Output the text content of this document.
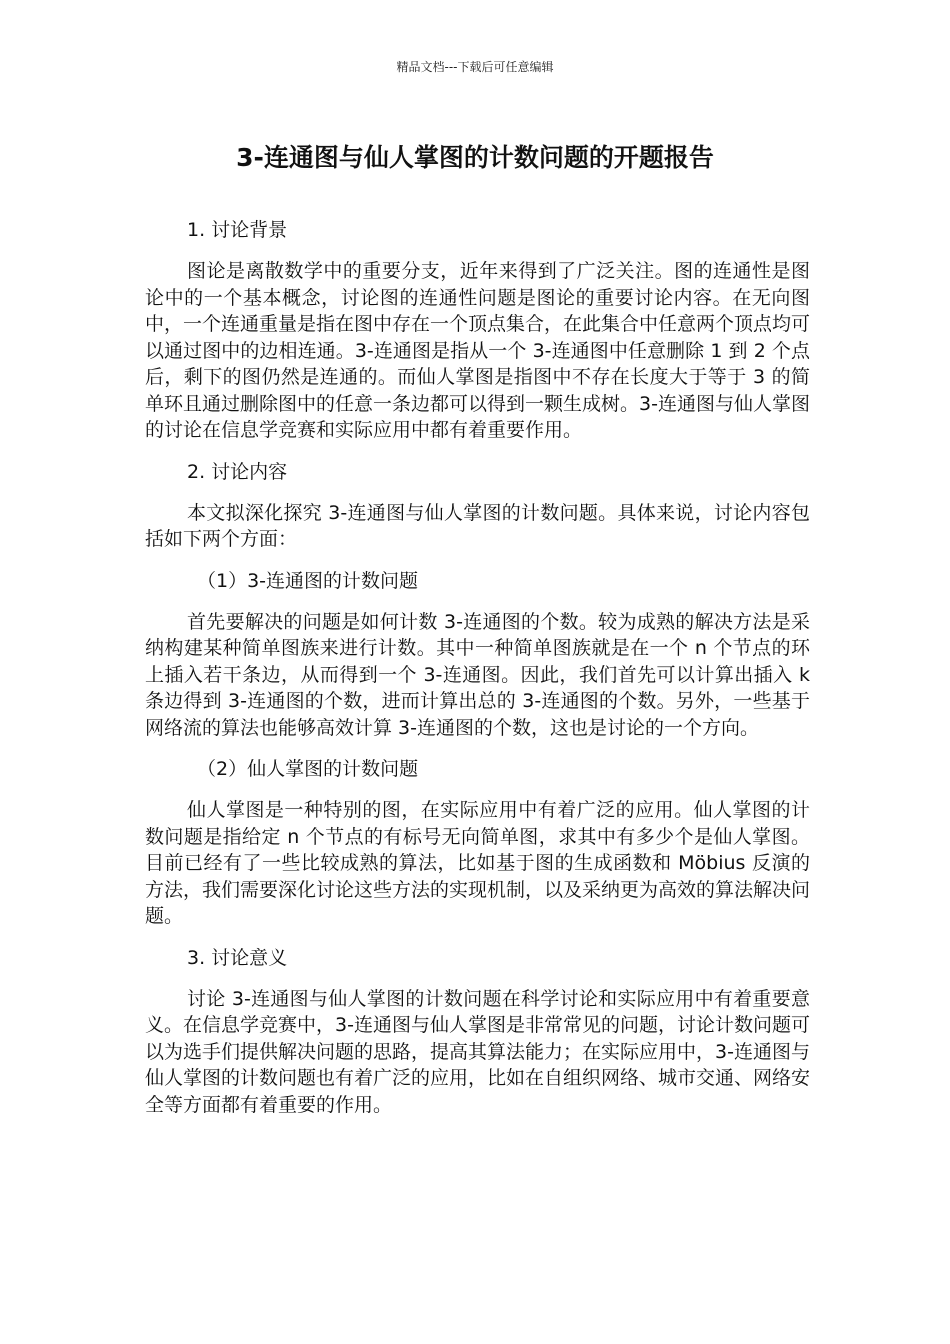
精品文档---下载后可任意编辑
3-连通图与仙人掌图的计数问题的开题报告

1. 讨论背景

图论是离散数学中的重要分支，近年来得到了广泛关注。图的连通性是图论中的一个基本概念，讨论图的连通性问题是图论的重要讨论内容。在无向图中，一个连通重量是指在图中存在一个顶点集合，在此集合中任意两个顶点均可以通过图中的边相连通。3-连通图是指从一个 3-连通图中任意删除 1 到 2 个点后，剩下的图仍然是连通的。而仙人掌图是指图中不存在长度大于等于 3 的简单环且通过删除图中的任意一条边都可以得到一颗生成树。3-连通图与仙人掌图的讨论在信息学竞赛和实际应用中都有着重要作用。

2. 讨论内容

本文拟深化探究 3-连通图与仙人掌图的计数问题。具体来说，讨论内容包括如下两个方面：

（1）3-连通图的计数问题

首先要解决的问题是如何计数 3-连通图的个数。较为成熟的解决方法是采纳构建某种简单图族来进行计数。其中一种简单图族就是在一个 n 个节点的环上插入若干条边，从而得到一个 3-连通图。因此，我们首先可以计算出插入 k 条边得到 3-连通图的个数，进而计算出总的 3-连通图的个数。另外，一些基于网络流的算法也能够高效计算 3-连通图的个数，这也是讨论的一个方向。

（2）仙人掌图的计数问题

仙人掌图是一种特别的图，在实际应用中有着广泛的应用。仙人掌图的计数问题是指给定 n 个节点的有标号无向简单图，求其中有多少个是仙人掌图。目前已经有了一些比较成熟的算法，比如基于图的生成函数和 Möbius 反演的方法，我们需要深化讨论这些方法的实现机制，以及采纳更为高效的算法解决问题。

3. 讨论意义

讨论 3-连通图与仙人掌图的计数问题在科学讨论和实际应用中有着重要意义。在信息学竞赛中，3-连通图与仙人掌图是非常常见的问题，讨论计数问题可以为选手们提供解决问题的思路，提高其算法能力；在实际应用中，3-连通图与仙人掌图的计数问题也有着广泛的应用，比如在自组织网络、城市交通、网络安全等方面都有着重要的作用。
